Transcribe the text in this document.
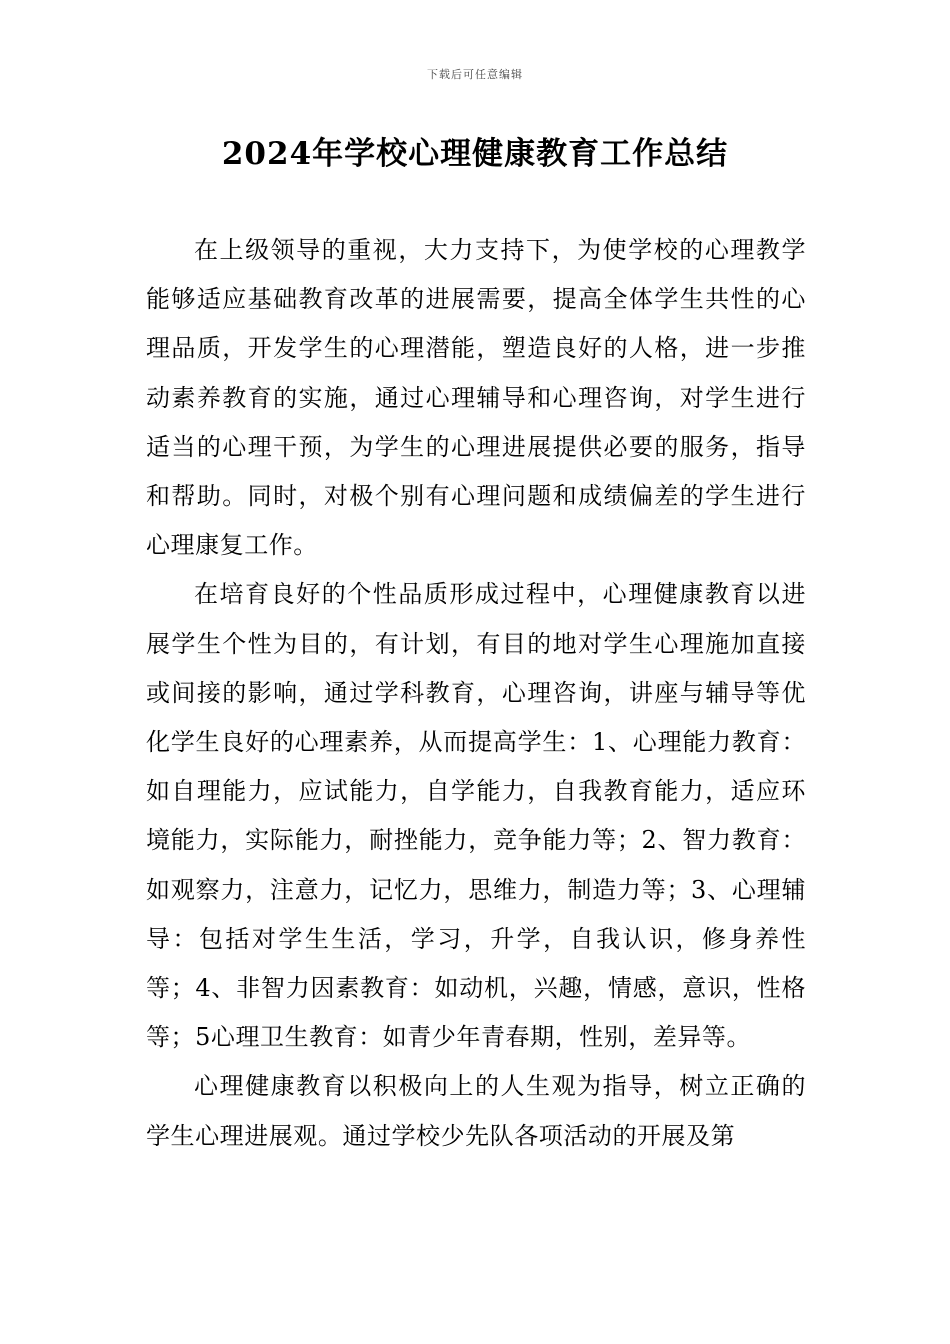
下载后可任意编辑
2024年学校心理健康教育工作总结

在上级领导的重视，大力支持下，为使学校的心理教学能够适应基础教育改革的进展需要，提高全体学生共性的心理品质，开发学生的心理潜能，塑造良好的人格，进一步推动素养教育的实施，通过心理辅导和心理咨询，对学生进行适当的心理干预，为学生的心理进展提供必要的服务，指导和帮助。同时，对极个别有心理问题和成绩偏差的学生进行心理康复工作。

在培育良好的个性品质形成过程中，心理健康教育以进展学生个性为目的，有计划，有目的地对学生心理施加直接或间接的影响，通过学科教育，心理咨询，讲座与辅导等优化学生良好的心理素养，从而提高学生：1、心理能力教育：如自理能力，应试能力，自学能力，自我教育能力，适应环境能力，实际能力，耐挫能力，竞争能力等；2、智力教育：如观察力，注意力，记忆力，思维力，制造力等；3、心理辅导：包括对学生生活，学习，升学，自我认识，修身养性等；4、非智力因素教育：如动机，兴趣，情感，意识，性格等；5心理卫生教育：如青少年青春期，性别，差异等。

心理健康教育以积极向上的人生观为指导，树立正确的学生心理进展观。通过学校少先队各项活动的开展及第
